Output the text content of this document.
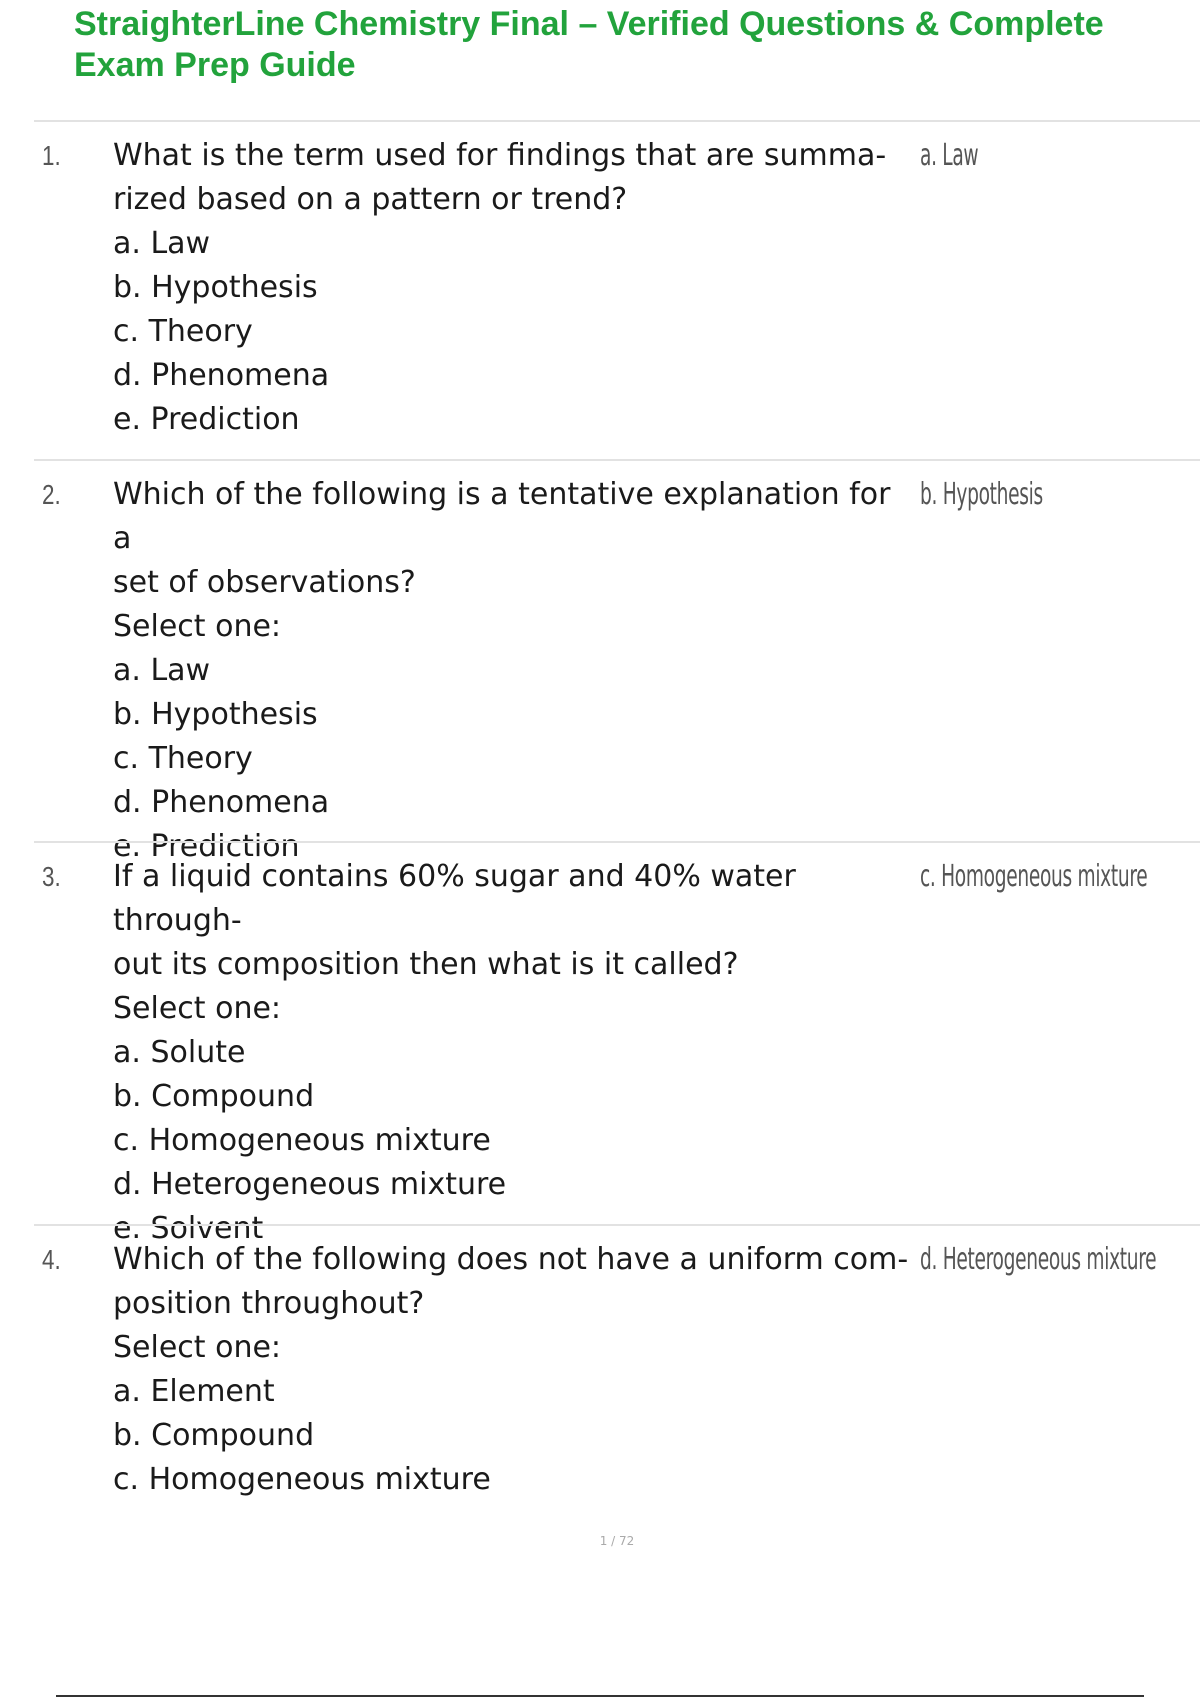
StraighterLine Chemistry Final – Verified Questions & Complete
Exam Prep Guide
1. What is the term used for findings that are summa-
rized based on a pattern or trend?
a. Law
b. Hypothesis
c. Theory
d. Phenomena
e. Prediction
a. Law
2. Which of the following is a tentative explanation for a
set of observations?
Select one:
a. Law
b. Hypothesis
c. Theory
d. Phenomena
e. Prediction
b. Hypothesis
3. If a liquid contains 60% sugar and 40% water through-
out its composition then what is it called?
Select one:
a. Solute
b. Compound
c. Homogeneous mixture
d. Heterogeneous mixture
e. Solvent
c. Homogeneous mixture
4. Which of the following does not have a uniform com-
position throughout?
Select one:
a. Element
b. Compound
c. Homogeneous mixture
d. Heterogeneous mixture
1 / 72
